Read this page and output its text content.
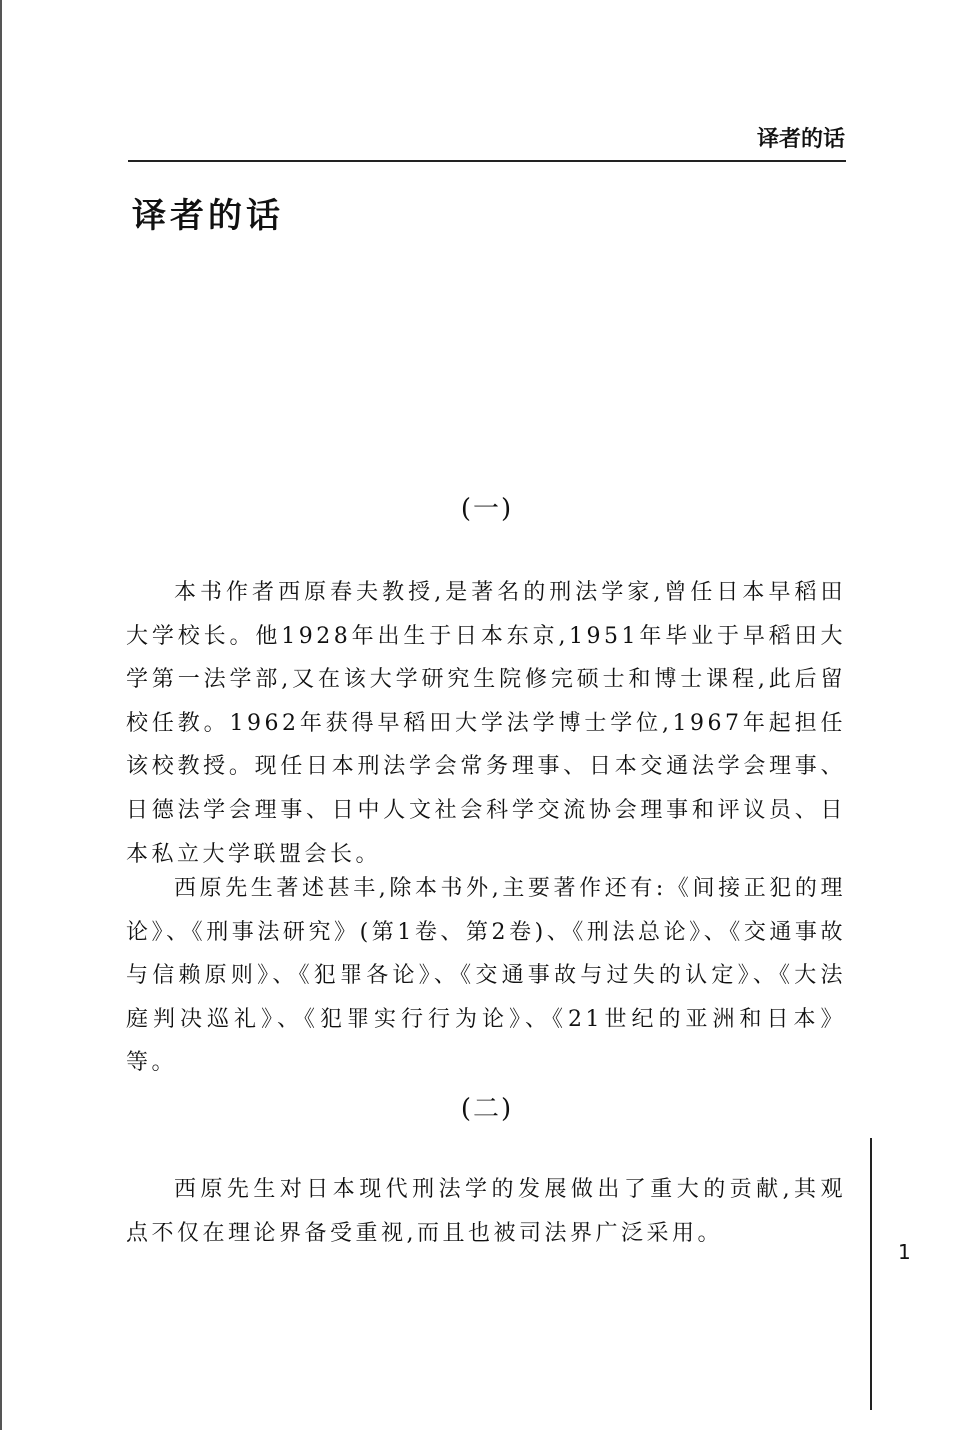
译者的话
译者的话
(一)

本书作者西原春夫教授,是著名的刑法学家,曾任日本早稻田大学校长。他1928年出生于日本东京,1951年毕业于早稻田大学第一法学部,又在该大学研究生院修完硕士和博士课程,此后留校任教。1962年获得早稻田大学法学博士学位,1967年起担任该校教授。现任日本刑法学会常务理事、日本交通法学会理事、日德法学会理事、日中人文社会科学交流协会理事和评议员、日本私立大学联盟会长。

西原先生著述甚丰,除本书外,主要著作还有:《间接正犯的理论》、《刑事法研究》(第1卷、第2卷)、《刑法总论》、《交通事故与信赖原则》、《犯罪各论》、《交通事故与过失的认定》、《大法庭判决巡礼》、《犯罪实行行为论》、《21世纪的亚洲和日本》等。

(二)

西原先生对日本现代刑法学的发展做出了重大的贡献,其观点不仅在理论界备受重视,而且也被司法界广泛采用。

1
